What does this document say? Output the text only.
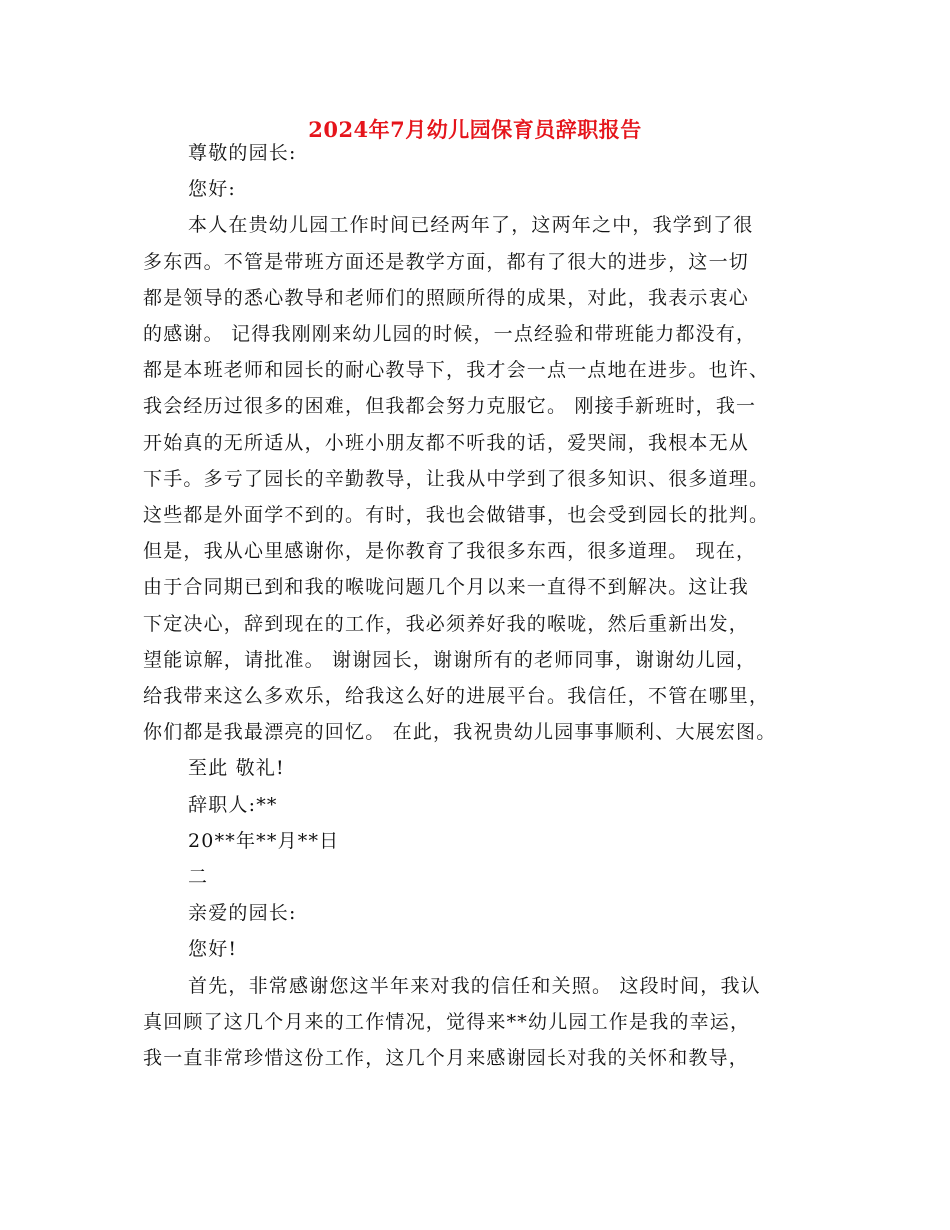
2024年7月幼儿园保育员辞职报告
尊敬的园长:
您好:
本人在贵幼儿园工作时间已经两年了，这两年之中，我学到了很
多东西。不管是带班方面还是教学方面，都有了很大的进步，这一切
都是领导的悉心教导和老师们的照顾所得的成果，对此，我表示衷心
的感谢。 记得我刚刚来幼儿园的时候，一点经验和带班能力都没有，
都是本班老师和园长的耐心教导下，我才会一点一点地在进步。也许、
我会经历过很多的困难，但我都会努力克服它。 刚接手新班时，我一
开始真的无所适从，小班小朋友都不听我的话，爱哭闹，我根本无从
下手。多亏了园长的辛勤教导，让我从中学到了很多知识、很多道理。
这些都是外面学不到的。有时，我也会做错事，也会受到园长的批判。
但是，我从心里感谢你，是你教育了我很多东西，很多道理。 现在，
由于合同期已到和我的喉咙问题几个月以来一直得不到解决。这让我
下定决心，辞到现在的工作，我必须养好我的喉咙，然后重新出发，
望能谅解，请批准。 谢谢园长，谢谢所有的老师同事，谢谢幼儿园，
给我带来这么多欢乐，给我这么好的进展平台。我信任，不管在哪里，
你们都是我最漂亮的回忆。 在此，我祝贵幼儿园事事顺利、大展宏图。
至此 敬礼!
辞职人:**
20**年**月**日
二
亲爱的园长:
您好!
首先，非常感谢您这半年来对我的信任和关照。 这段时间，我认
真回顾了这几个月来的工作情况，觉得来**幼儿园工作是我的幸运，
我一直非常珍惜这份工作，这几个月来感谢园长对我的关怀和教导，
